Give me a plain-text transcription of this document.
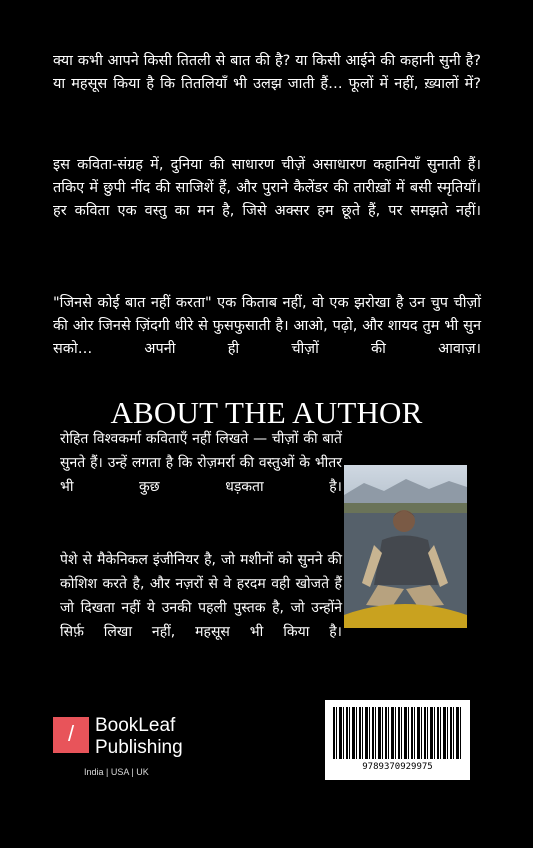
क्या कभी आपने किसी तितली से बात की है? या किसी आईने की कहानी सुनी है? या महसूस किया है कि तितलियाँ भी उलझ जाती हैं… फूलों में नहीं, ख़्यालों में?
इस कविता-संग्रह में, दुनिया की साधारण चीज़ें असाधारण कहानियाँ सुनाती हैं। तकिए में छुपी नींद की साजिशें हैं, और पुराने कैलेंडर की तारीख़ों में बसी स्मृतियाँ। हर कविता एक वस्तु का मन है, जिसे अक्सर हम छूते हैं, पर समझते नहीं।
"जिनसे कोई बात नहीं करता" एक किताब नहीं, वो एक झरोखा है उन चुप चीज़ों की ओर जिनसे ज़िंदगी धीरे से फुसफुसाती है। आओ, पढ़ो, और शायद तुम भी सुन सको… अपनी ही चीज़ों की आवाज़।
ABOUT THE AUTHOR
रोहित विश्वकर्मा कविताएँ नहीं लिखते — चीज़ों की बातें सुनते हैं। उन्हें लगता है कि रोज़मर्रा की वस्तुओं के भीतर भी कुछ धड़कता है।
पेशे से मैकेनिकल इंजीनियर है, जो मशीनों को सुनने की कोशिश करते है, और नज़रों से वे हरदम वही खोजते हैं जो दिखता नहीं ये उनकी पहली पुस्तक है, जो उन्होंने सिर्फ़ लिखा नहीं, महसूस भी किया है।
/	BookLeaf
Publishing
India | USA | UK	9789370929975
